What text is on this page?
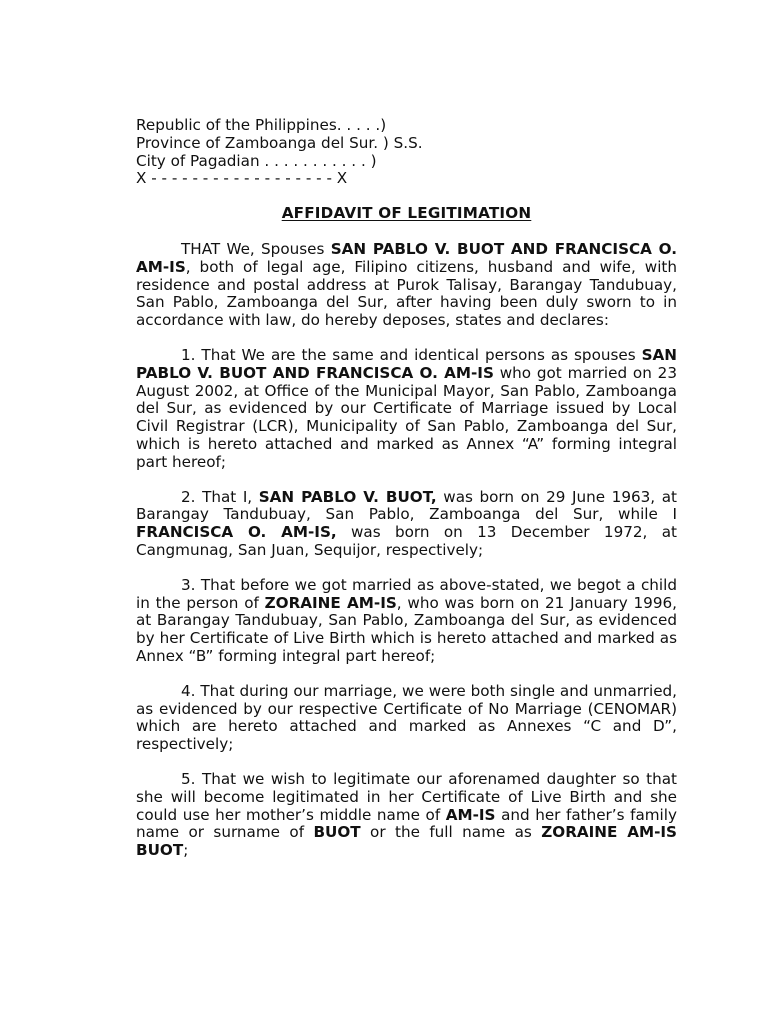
Republic of the Philippines. . . . .)

Province of Zamboanga del Sur. ) S.S.

City of Pagadian . . . . . . . . . . . )

X - - - - - - - - - - - - - - - - - - X

AFFIDAVIT OF LEGITIMATION

THAT We, Spouses SAN PABLO V. BUOT AND FRANCISCA O. AM-IS, both of legal age, Filipino citizens, husband and wife, with residence and postal address at Purok Talisay, Barangay Tandubuay, San Pablo, Zamboanga del Sur, after having been duly sworn to in accordance with law, do hereby deposes, states and declares:

1. That We are the same and identical persons as spouses SAN PABLO V. BUOT AND FRANCISCA O. AM-IS who got married on 23 August 2002, at Office of the Municipal Mayor, San Pablo, Zamboanga del Sur, as evidenced by our Certificate of Marriage issued by Local Civil Registrar (LCR), Municipality of San Pablo, Zamboanga del Sur, which is hereto attached and marked as Annex “A” forming integral part hereof;

2. That I, SAN PABLO V. BUOT, was born on 29 June 1963, at Barangay Tandubuay, San Pablo, Zamboanga del Sur, while I FRANCISCA O. AM-IS, was born on 13 December 1972, at Cangmunag, San Juan, Sequijor, respectively;

3. That before we got married as above-stated, we begot a child in the person of ZORAINE AM-IS, who was born on 21 January 1996, at Barangay Tandubuay, San Pablo, Zamboanga del Sur, as evidenced by her Certificate of Live Birth which is hereto attached and marked as Annex “B” forming integral part hereof;

4. That during our marriage, we were both single and unmarried, as evidenced by our respective Certificate of No Marriage (CENOMAR) which are hereto attached and marked as Annexes “C and D”, respectively;

5. That we wish to legitimate our aforenamed daughter so that she will become legitimated in her Certificate of Live Birth and she could use her mother’s middle name of AM-IS and her father’s family name or surname of BUOT or the full name as ZORAINE AM-IS BUOT;
